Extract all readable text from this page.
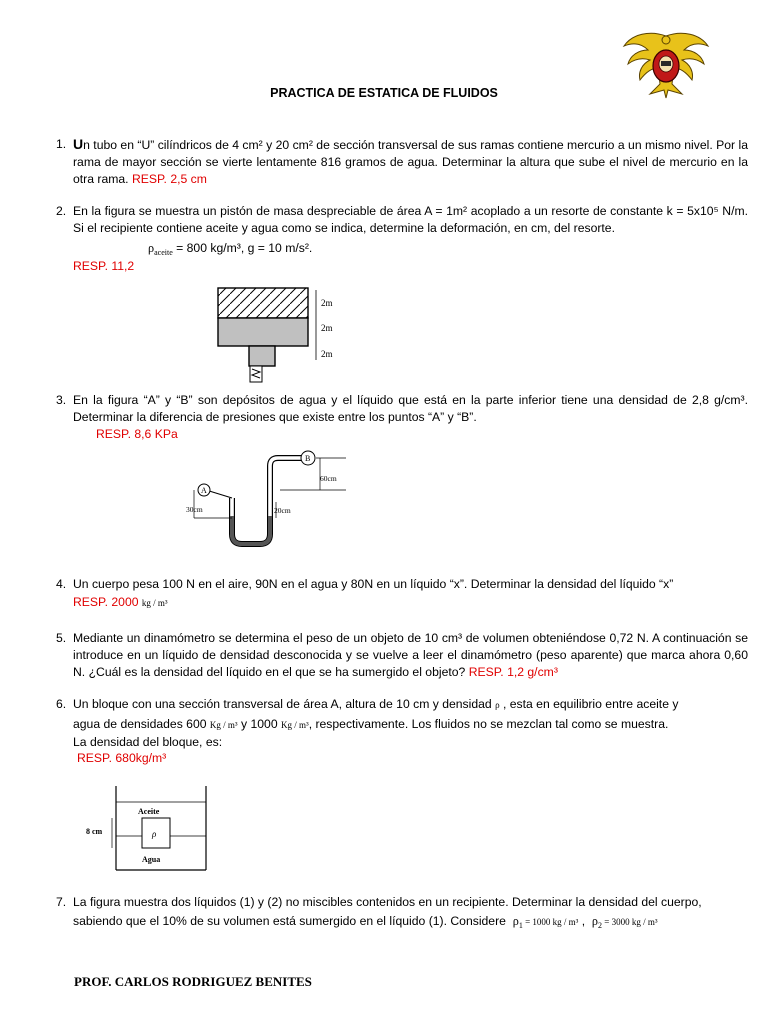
PRACTICA DE ESTATICA DE FLUIDOS
1. Un tubo en “U” cilíndricos de 4 cm² y 20 cm² de sección transversal de sus ramas contiene mercurio a un mismo nivel. Por la rama de mayor sección se vierte lentamente 816 gramos de agua. Determinar la altura que sube el nivel de mercurio en la otra rama. RESP. 2,5 cm
2. En la figura se muestra un pistón de masa despreciable de área A = 1m² acoplado a un resorte de constante k = 5x10⁵ N/m. Si el recipiente contiene aceite y agua como se indica, determine la deformación, en cm, del resorte.
$\rho_{aceite} = 800$ kg/m³, g = 10 m/s².
RESP. 11,2
2m
2m
2m
3. En la figura “A” y “B” son depósitos de agua y el líquido que está en la parte inferior tiene una densidad de 2,8 g/cm³. Determinar la diferencia de presiones que existe entre los puntos “A” y “B”.
RESP. 8,6 KPa
A
B
30cm	20cm
60cm
4. Un cuerpo pesa 100 N en el aire, 90N en el agua y 80N en un líquido “x”. Determinar la densidad del líquido “x”
RESP. 2000 kg / m³
5. Mediante un dinamómetro se determina el peso de un objeto de 10 cm³ de volumen obteniéndose 0,72 N. A continuación se introduce en un líquido de densidad desconocida y se vuelve a leer el dinamómetro (peso aparente) que marca ahora 0,60 N. ¿Cuál es la densidad del líquido en el que se ha sumergido el objeto? RESP. 1,2 g/cm³
6. Un bloque con una sección transversal de área A, altura de 10 cm y densidad ρ , esta en equilibrio entre aceite y
agua de densidades 600 Kg / m³ y 1000 Kg / m³, respectivamente. Los fluidos no se mezclan tal como se muestra.
La densidad del bloque, es:
RESP. 680kg/m³
ρ
Aceite
Agua
8 cm
7. La figura muestra dos líquidos (1) y (2) no miscibles contenidos en un recipiente. Determinar la densidad del cuerpo,
sabiendo que el 10% de su volumen está sumergido en el líquido (1). Considere $\rho_1 = 1000$ kg / m³ , $\rho_2 = 3000$ kg / m³
PROF. CARLOS RODRIGUEZ BENITES
